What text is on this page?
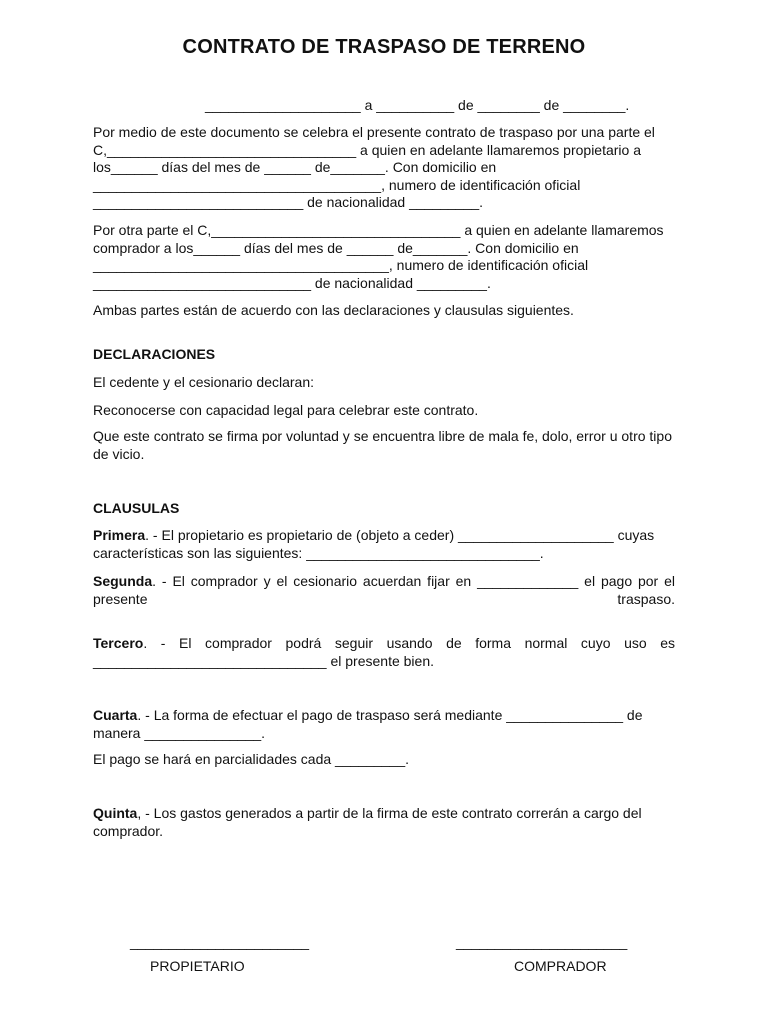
CONTRATO DE TRASPASO DE TERRENO
____________________ a __________ de ________ de ________.

Por medio de este documento se celebra el presente contrato de traspaso por una parte el C,________________________________ a quien en adelante llamaremos propietario a los______ días del mes de ______ de_______. Con domicilio en _____________________________________, numero de identificación oficial ___________________________ de nacionalidad _________.

Por otra parte el C,________________________________ a quien en adelante llamaremos comprador a los______ días del mes de ______ de_______. Con domicilio en ______________________________________, numero de identificación oficial ____________________________ de nacionalidad _________.

Ambas partes están de acuerdo con las declaraciones y clausulas siguientes.

DECLARACIONES

El cedente y el cesionario declaran:

Reconocerse con capacidad legal para celebrar este contrato.

Que este contrato se firma por voluntad y se encuentra libre de mala fe, dolo, error u otro tipo de vicio.

CLAUSULAS

Primera. - El propietario es propietario de (objeto a ceder) ____________________ cuyas características son las siguientes: ______________________________.

Segunda. - El comprador y el cesionario acuerdan fijar en _____________ el pago por el presente traspaso.

Tercero. - El comprador podrá seguir usando de forma normal cuyo uso es ______________________________ el presente bien.

Cuarta. - La forma de efectuar el pago de traspaso será mediante _______________ de manera _______________.

El pago se hará en parcialidades cada _________.

Quinta, - Los gastos generados a partir de la firma de este contrato correrán a cargo del comprador.

_______________________
PROPIETARIO
______________________
COMPRADOR
